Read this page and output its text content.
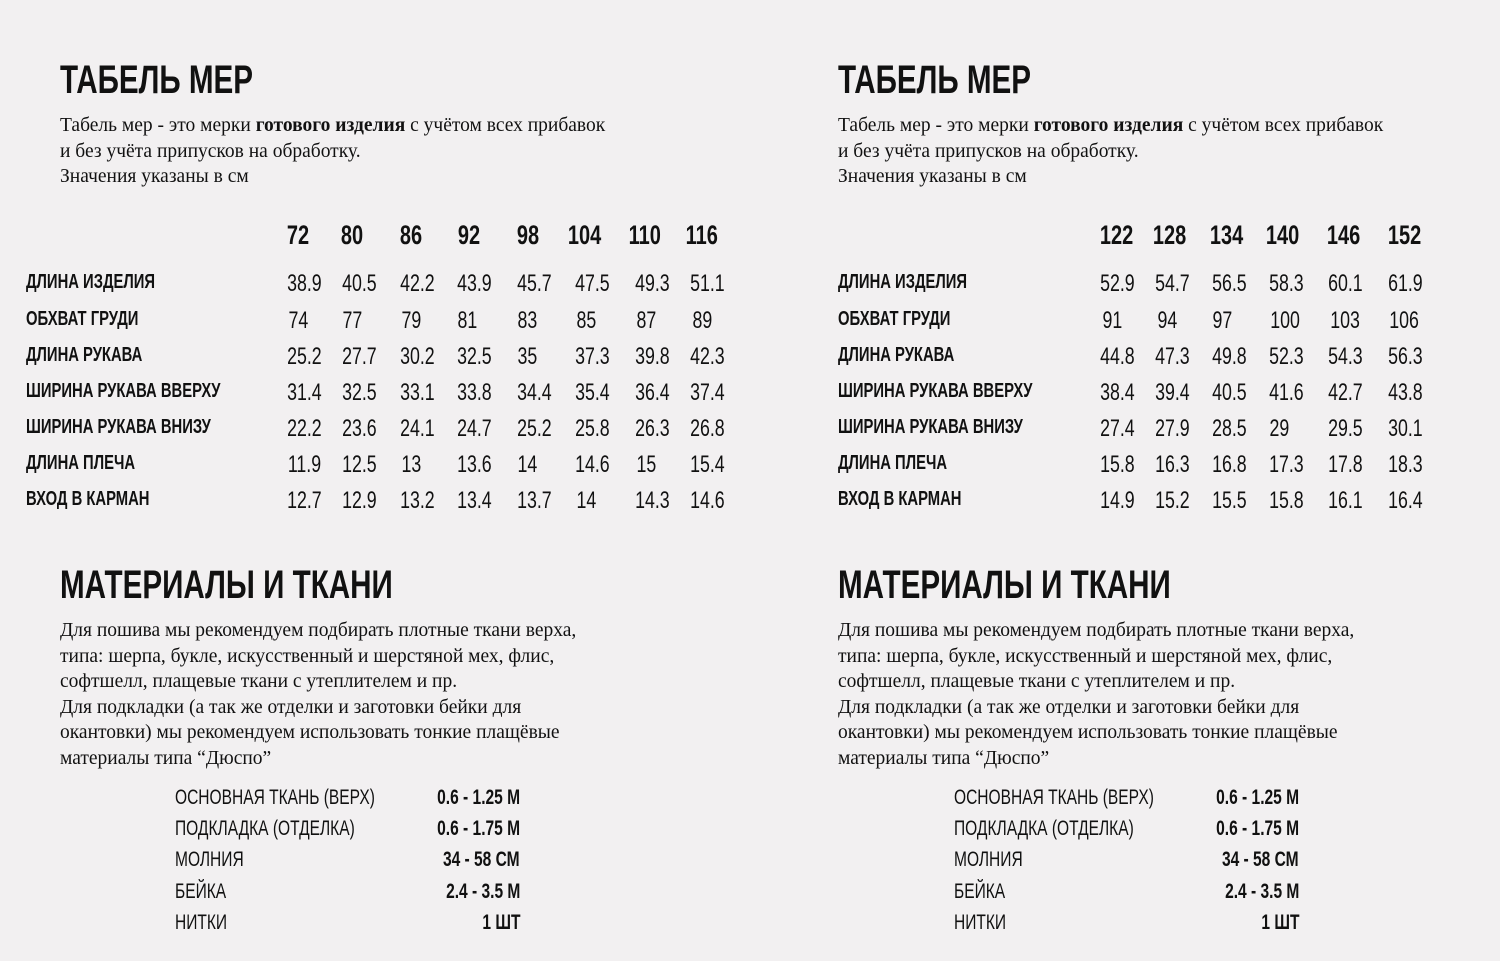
ТАБЕЛЬ МЕР
Табель мер - это мерки готового изделия с учётом всех прибавок
и без учёта припусков на обработку.
Значения указаны в см
72	80	86	92	98	104	110 116
ДЛИНА ИЗДЕЛИЯ	38.9 40.5 42.2 43.9	45.7 47.5	49.3 51.1
ОБХВАТ ГРУДИ	74	77	79	81	83	85	87	89
ДЛИНА РУКАВА	25.2 27.7 30.2 32.5	35	37.3	39.8 42.3
ШИРИНА РУКАВА ВВЕРХУ	31.4 32.5 33.1 33.8	34.4 35.4	36.4 37.4
ШИРИНА РУКАВА ВНИЗУ	22.2 23.6 24.1 24.7	25.2 25.8	26.3 26.8
ДЛИНА ПЛЕЧА	11.9 12.5	13	13.6	14	14.6	15	15.4
ВХОД В КАРМАН	12.7 12.9 13.2 13.4	13.7	14	14.3 14.6
МАТЕРИАЛЫ И ТКАНИ
Для пошива мы рекомендуем подбирать плотные ткани верха,
типа: шерпа, букле, искусственный и шерстяной мех, флис,
софтшелл, плащевые ткани с утеплителем и пр.
Для подкладки (а так же отделки и заготовки бейки для
окантовки) мы рекомендуем использовать тонкие плащёвые
материалы типа “Дюспо”
ОСНОВНАЯ ТКАНЬ (ВЕРХ)	0.6 - 1.25 М
ПОДКЛАДКА (ОТДЕЛКА)	0.6 - 1.75 М
МОЛНИЯ	34 - 58 СМ
БЕЙКА	2.4 - 3.5 М
НИТКИ	1 ШТ
ТАБЕЛЬ МЕР
Табель мер - это мерки готового изделия с учётом всех прибавок
и без учёта припусков на обработку.
Значения указаны в см
122 128 134 140	146	152
ДЛИНА ИЗДЕЛИЯ	52.9 54.7 56.5 58.3	60.1	61.9
ОБХВАТ ГРУДИ	91	94	97	100	103	106
ДЛИНА РУКАВА	44.8 47.3 49.8 52.3	54.3	56.3
ШИРИНА РУКАВА ВВЕРХУ	38.4 39.4 40.5 41.6	42.7	43.8
ШИРИНА РУКАВА ВНИЗУ	27.4 27.9 28.5 29	29.5	30.1
ДЛИНА ПЛЕЧА	15.8 16.3 16.8 17.3	17.8	18.3
ВХОД В КАРМАН	14.9 15.2 15.5 15.8	16.1	16.4
МАТЕРИАЛЫ И ТКАНИ
Для пошива мы рекомендуем подбирать плотные ткани верха,
типа: шерпа, букле, искусственный и шерстяной мех, флис,
софтшелл, плащевые ткани с утеплителем и пр.
Для подкладки (а так же отделки и заготовки бейки для
окантовки) мы рекомендуем использовать тонкие плащёвые
материалы типа “Дюспо”
ОСНОВНАЯ ТКАНЬ (ВЕРХ)	0.6 - 1.25 М
ПОДКЛАДКА (ОТДЕЛКА)	0.6 - 1.75 М
МОЛНИЯ	34 - 58 СМ
БЕЙКА	2.4 - 3.5 М
НИТКИ	1 ШТ
